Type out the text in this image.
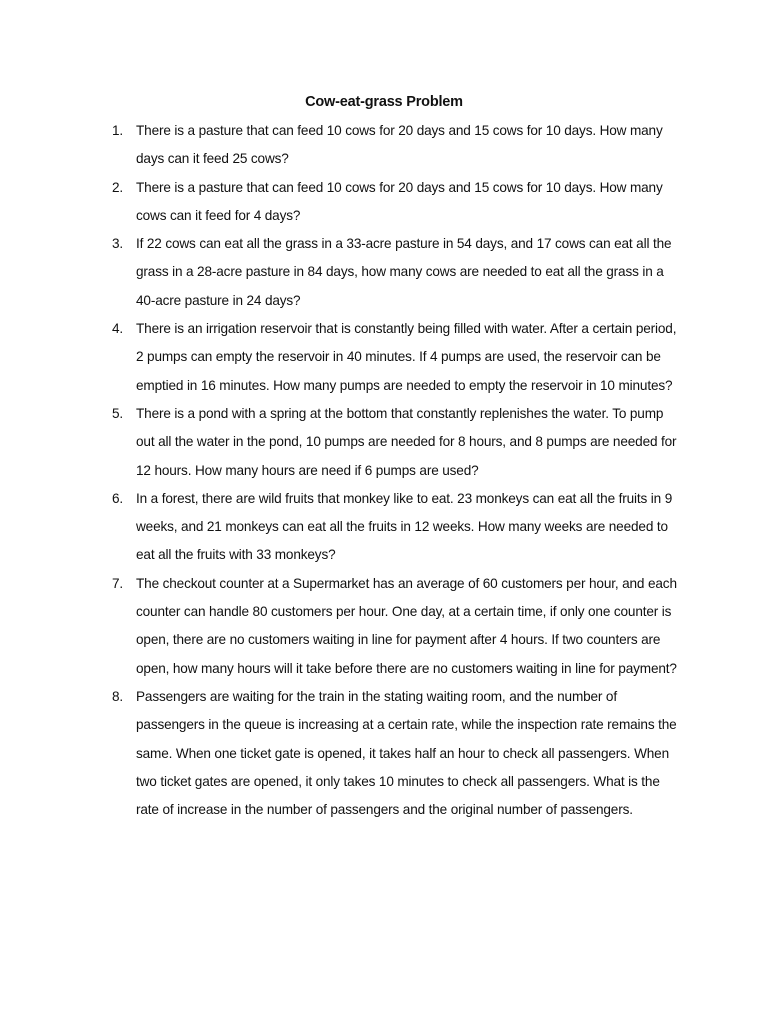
Cow-eat-grass Problem
1. There is a pasture that can feed 10 cows for 20 days and 15 cows for 10 days. How many days can it feed 25 cows?
2. There is a pasture that can feed 10 cows for 20 days and 15 cows for 10 days. How many cows can it feed for 4 days?
3. If 22 cows can eat all the grass in a 33-acre pasture in 54 days, and 17 cows can eat all the grass in a 28-acre pasture in 84 days, how many cows are needed to eat all the grass in a 40-acre pasture in 24 days?
4. There is an irrigation reservoir that is constantly being filled with water. After a certain period, 2 pumps can empty the reservoir in 40 minutes. If 4 pumps are used, the reservoir can be emptied in 16 minutes. How many pumps are needed to empty the reservoir in 10 minutes?
5. There is a pond with a spring at the bottom that constantly replenishes the water. To pump out all the water in the pond, 10 pumps are needed for 8 hours, and 8 pumps are needed for 12 hours. How many hours are need if 6 pumps are used?
6. In a forest, there are wild fruits that monkey like to eat. 23 monkeys can eat all the fruits in 9 weeks, and 21 monkeys can eat all the fruits in 12 weeks. How many weeks are needed to eat all the fruits with 33 monkeys?
7. The checkout counter at a Supermarket has an average of 60 customers per hour, and each counter can handle 80 customers per hour. One day, at a certain time, if only one counter is open, there are no customers waiting in line for payment after 4 hours. If two counters are open, how many hours will it take before there are no customers waiting in line for payment?
8. Passengers are waiting for the train in the stating waiting room, and the number of passengers in the queue is increasing at a certain rate, while the inspection rate remains the same. When one ticket gate is opened, it takes half an hour to check all passengers. When two ticket gates are opened, it only takes 10 minutes to check all passengers. What is the rate of increase in the number of passengers and the original number of passengers.
